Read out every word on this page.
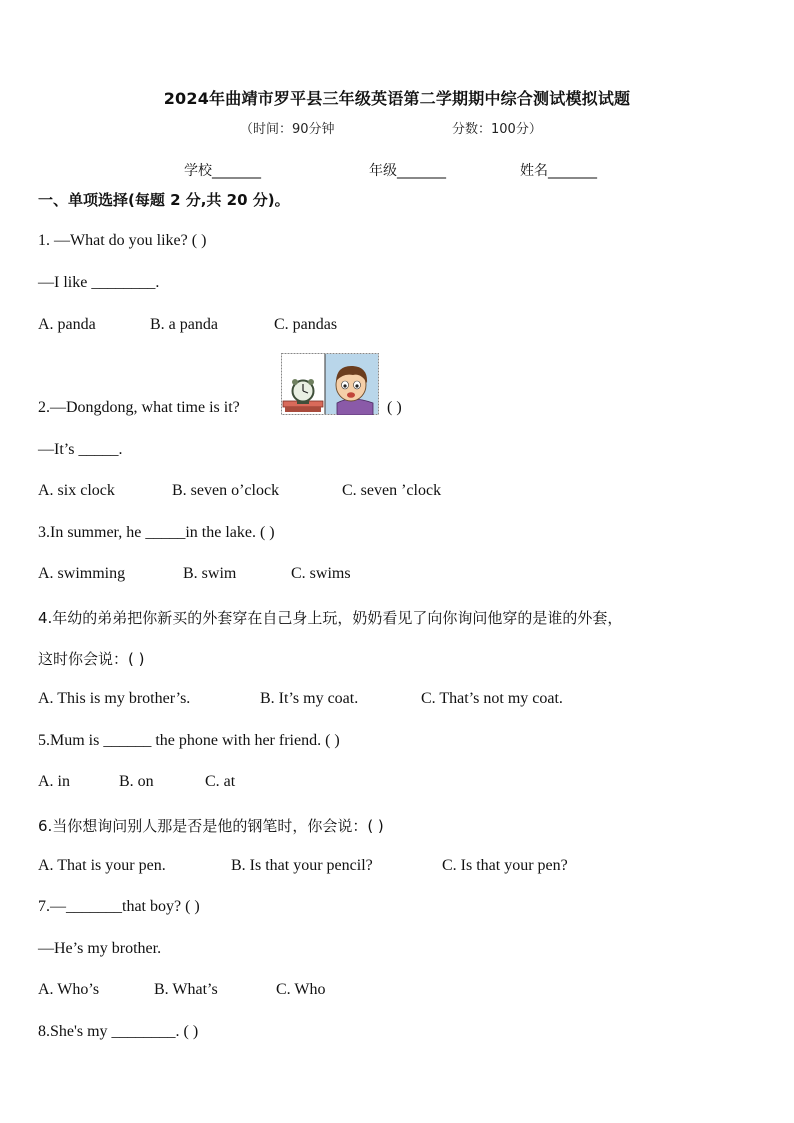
2024年曲靖市罗平县三年级英语第二学期期中综合测试模拟试题
（时间：90分钟	分数：100分）
学校_______	年级_______	姓名_______
一、单项选择(每题 2 分,共 20 分)。
1. —What do you like? ( )
—I like ________.
A. panda	B. a panda	C. pandas
2.—Dongdong, what time is it?	( )
—It’s _____.
A. six clock	B. seven o’clock	C. seven ’clock
3.In summer, he _____in the lake. ( )
A. swimming	B. swim	C. swims
4.年幼的弟弟把你新买的外套穿在自己身上玩，奶奶看见了向你询问他穿的是谁的外套，
这时你会说：( )
A. This is my brother’s.	B. It’s my coat.	C. That’s not my coat.
5.Mum is ______ the phone with her friend. ( )
A. in	B. on	C. at
6.当你想询问别人那是否是他的钢笔时，你会说：( )
A. That is your pen.	B. Is that your pencil?	C. Is that your pen?
7.—_______that boy? ( )
—He’s my brother.
A. Who’s	B. What’s	C. Who
8.She's my ________. ( )
